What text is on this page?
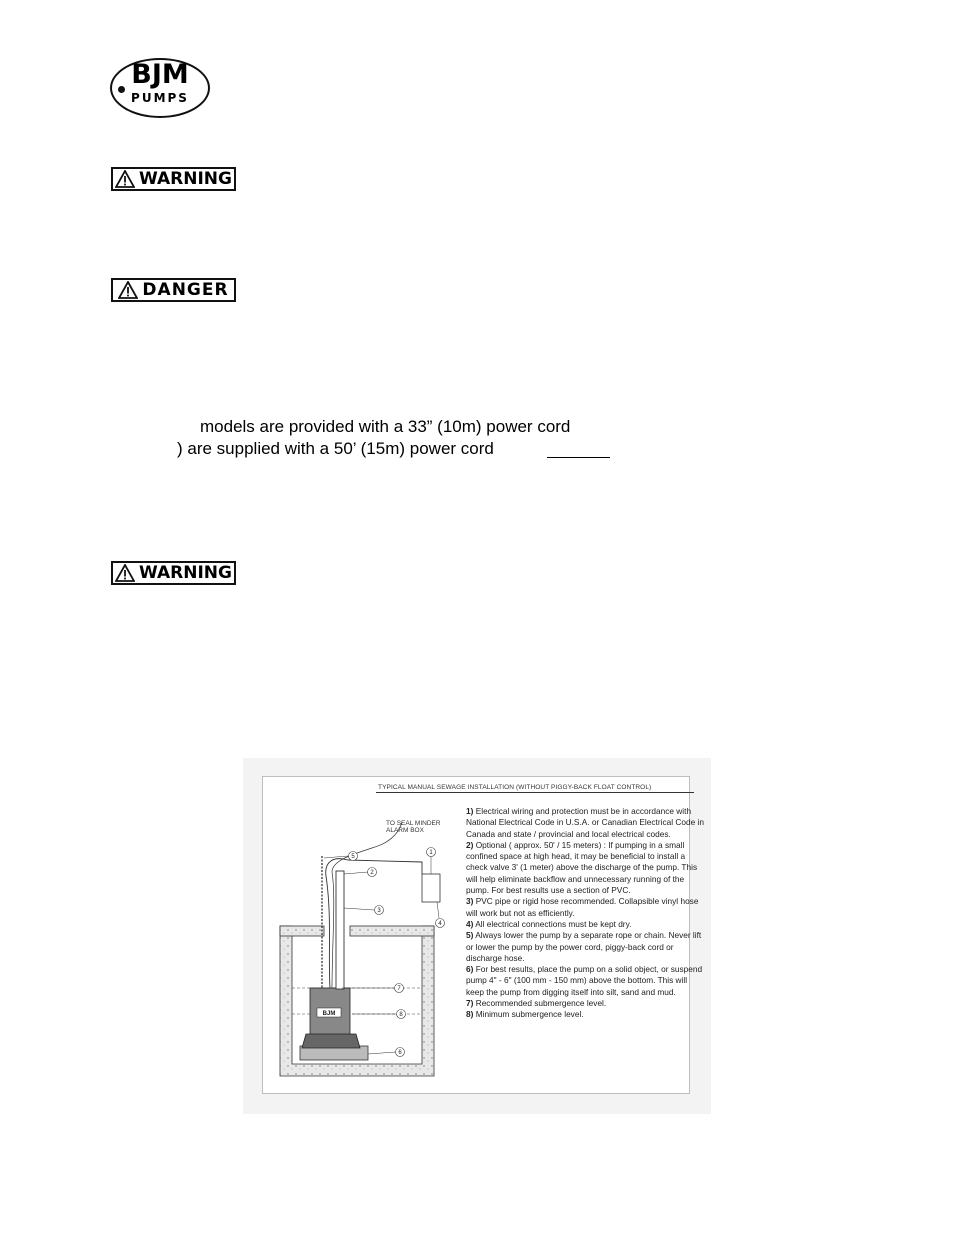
BJM
PUMPS
WARNING
DANGER
models are provided with a 33” (10m) power cord
) are supplied with a 50’ (15m) power cord
WARNING
TYPICAL MANUAL SEWAGE INSTALLATION (WITHOUT PIGGY-BACK FLOAT CONTROL)
1
2
3
4
5
6
7
8
BJM
TO SEAL MINDER ALARM BOX

1) Electrical wiring and protection must be in accordance with National Electrical Code in U.S.A. or Canadian Electrical Code in Canada and state / provincial and local electrical codes.

2) Optional ( approx. 50' / 15 meters) : If pumping in a small confined space at high head, it may be beneficial to install a check valve 3' (1 meter) above the discharge of the pump. This will help eliminate backflow and unnecessary running of the pump. For best results use a section of PVC.

3) PVC pipe or rigid hose recommended. Collapsible vinyl hose will work but not as efficiently.

4) All electrical connections must be kept dry.

5) Always lower the pump by a separate rope or chain. Never lift or lower the pump by the power cord, piggy-back cord or discharge hose.

6) For best results, place the pump on a solid object, or suspend pump 4" - 6" (100 mm - 150 mm) above the bottom. This will keep the pump from digging itself into silt, sand and mud.

7) Recommended submergence level.

8) Minimum submergence level.
